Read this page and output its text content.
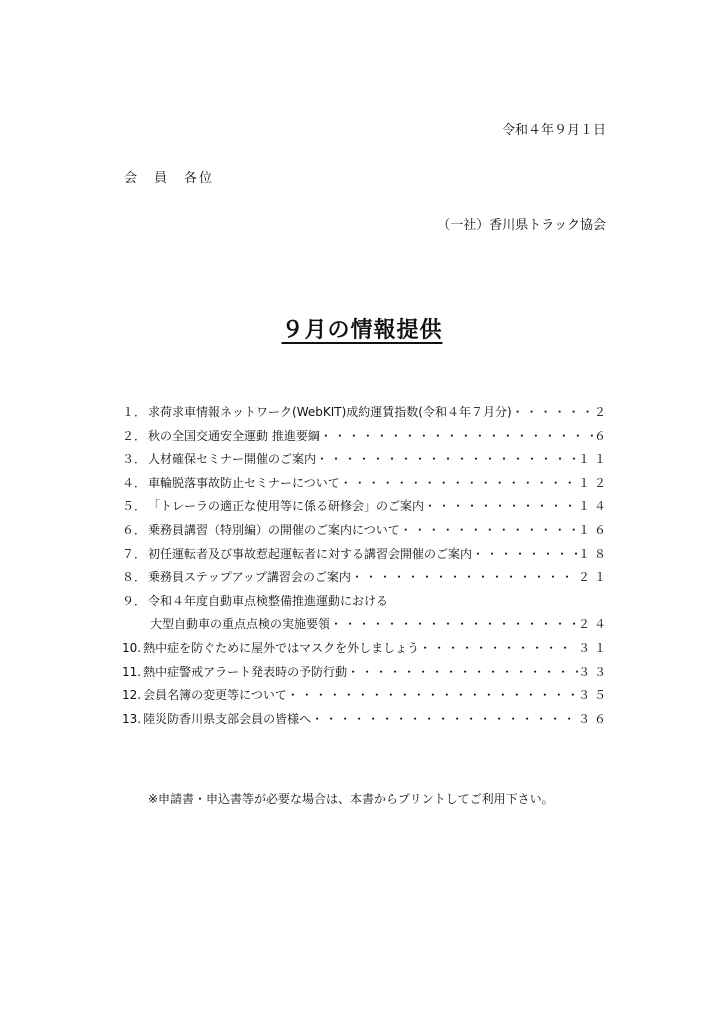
令和４年９月１日
会　員　各位
（一社）香川県トラック協会
９月の情報提供
１． 求荷求車情報ネットワーク(WebKIT)成約運賃指数(令和４年７月分) ・・・・・・・・・・・・・・・・・・・・・・・・・・・・・・・・・・・・・・・・・・・・・・・・	２
２． 秋の全国交通安全運動 推進要綱 ・・・・・・・・・・・・・・・・・・・・・・・・・・・・・・・・・・・・・・・・・・・・・・・・	６
３． 人材確保セミナー開催のご案内 ・・・・・・・・・・・・・・・・・・・・・・・・・・・・・・・・・・・・・・・・・・・・・・・・	１１
４． 車輪脱落事故防止セミナーについて ・・・・・・・・・・・・・・・・・・・・・・・・・・・・・・・・・・・・・・・・・・・・・・・・	１２
５． 「トレーラの適正な使用等に係る研修会」のご案内 ・・・・・・・・・・・・・・・・・・・・・・・・・・・・・・・・・・・・・・・・・・・・・・・・	１４
６． 乗務員講習（特別編）の開催のご案内について ・・・・・・・・・・・・・・・・・・・・・・・・・・・・・・・・・・・・・・・・・・・・・・・・	１６
７． 初任運転者及び事故惹起運転者に対する講習会開催のご案内 ・・・・・・・・・・・・・・・・・・・・・・・・・・・・・・・・・・・・・・・・・・・・・・・・	１８
８． 乗務員ステップアップ講習会のご案内 ・・・・・・・・・・・・・・・・・・・・・・・・・・・・・・・・・・・・・・・・・・・・・・・・	２１
９． 令和４年度自動車点検整備推進運動における
大型自動車の重点点検の実施要領 ・・・・・・・・・・・・・・・・・・・・・・・・・・・・・・・・・・・・・・・・・・・・・・・・	２４
10. 熱中症を防ぐために屋外ではマスクを外しましょう ・・・・・・・・・・・・・・・・・・・・・・・・・・・・・・・・・・・・・・・・・・・・・・・・	３１
11. 熱中症警戒アラート発表時の予防行動 ・・・・・・・・・・・・・・・・・・・・・・・・・・・・・・・・・・・・・・・・・・・・・・・・	３３
12. 会員名簿の変更等について ・・・・・・・・・・・・・・・・・・・・・・・・・・・・・・・・・・・・・・・・・・・・・・・・	３５
13. 陸災防香川県支部会員の皆様へ ・・・・・・・・・・・・・・・・・・・・・・・・・・・・・・・・・・・・・・・・・・・・・・・・	３６
※申請書・申込書等が必要な場合は、本書からプリントしてご利用下さい。
